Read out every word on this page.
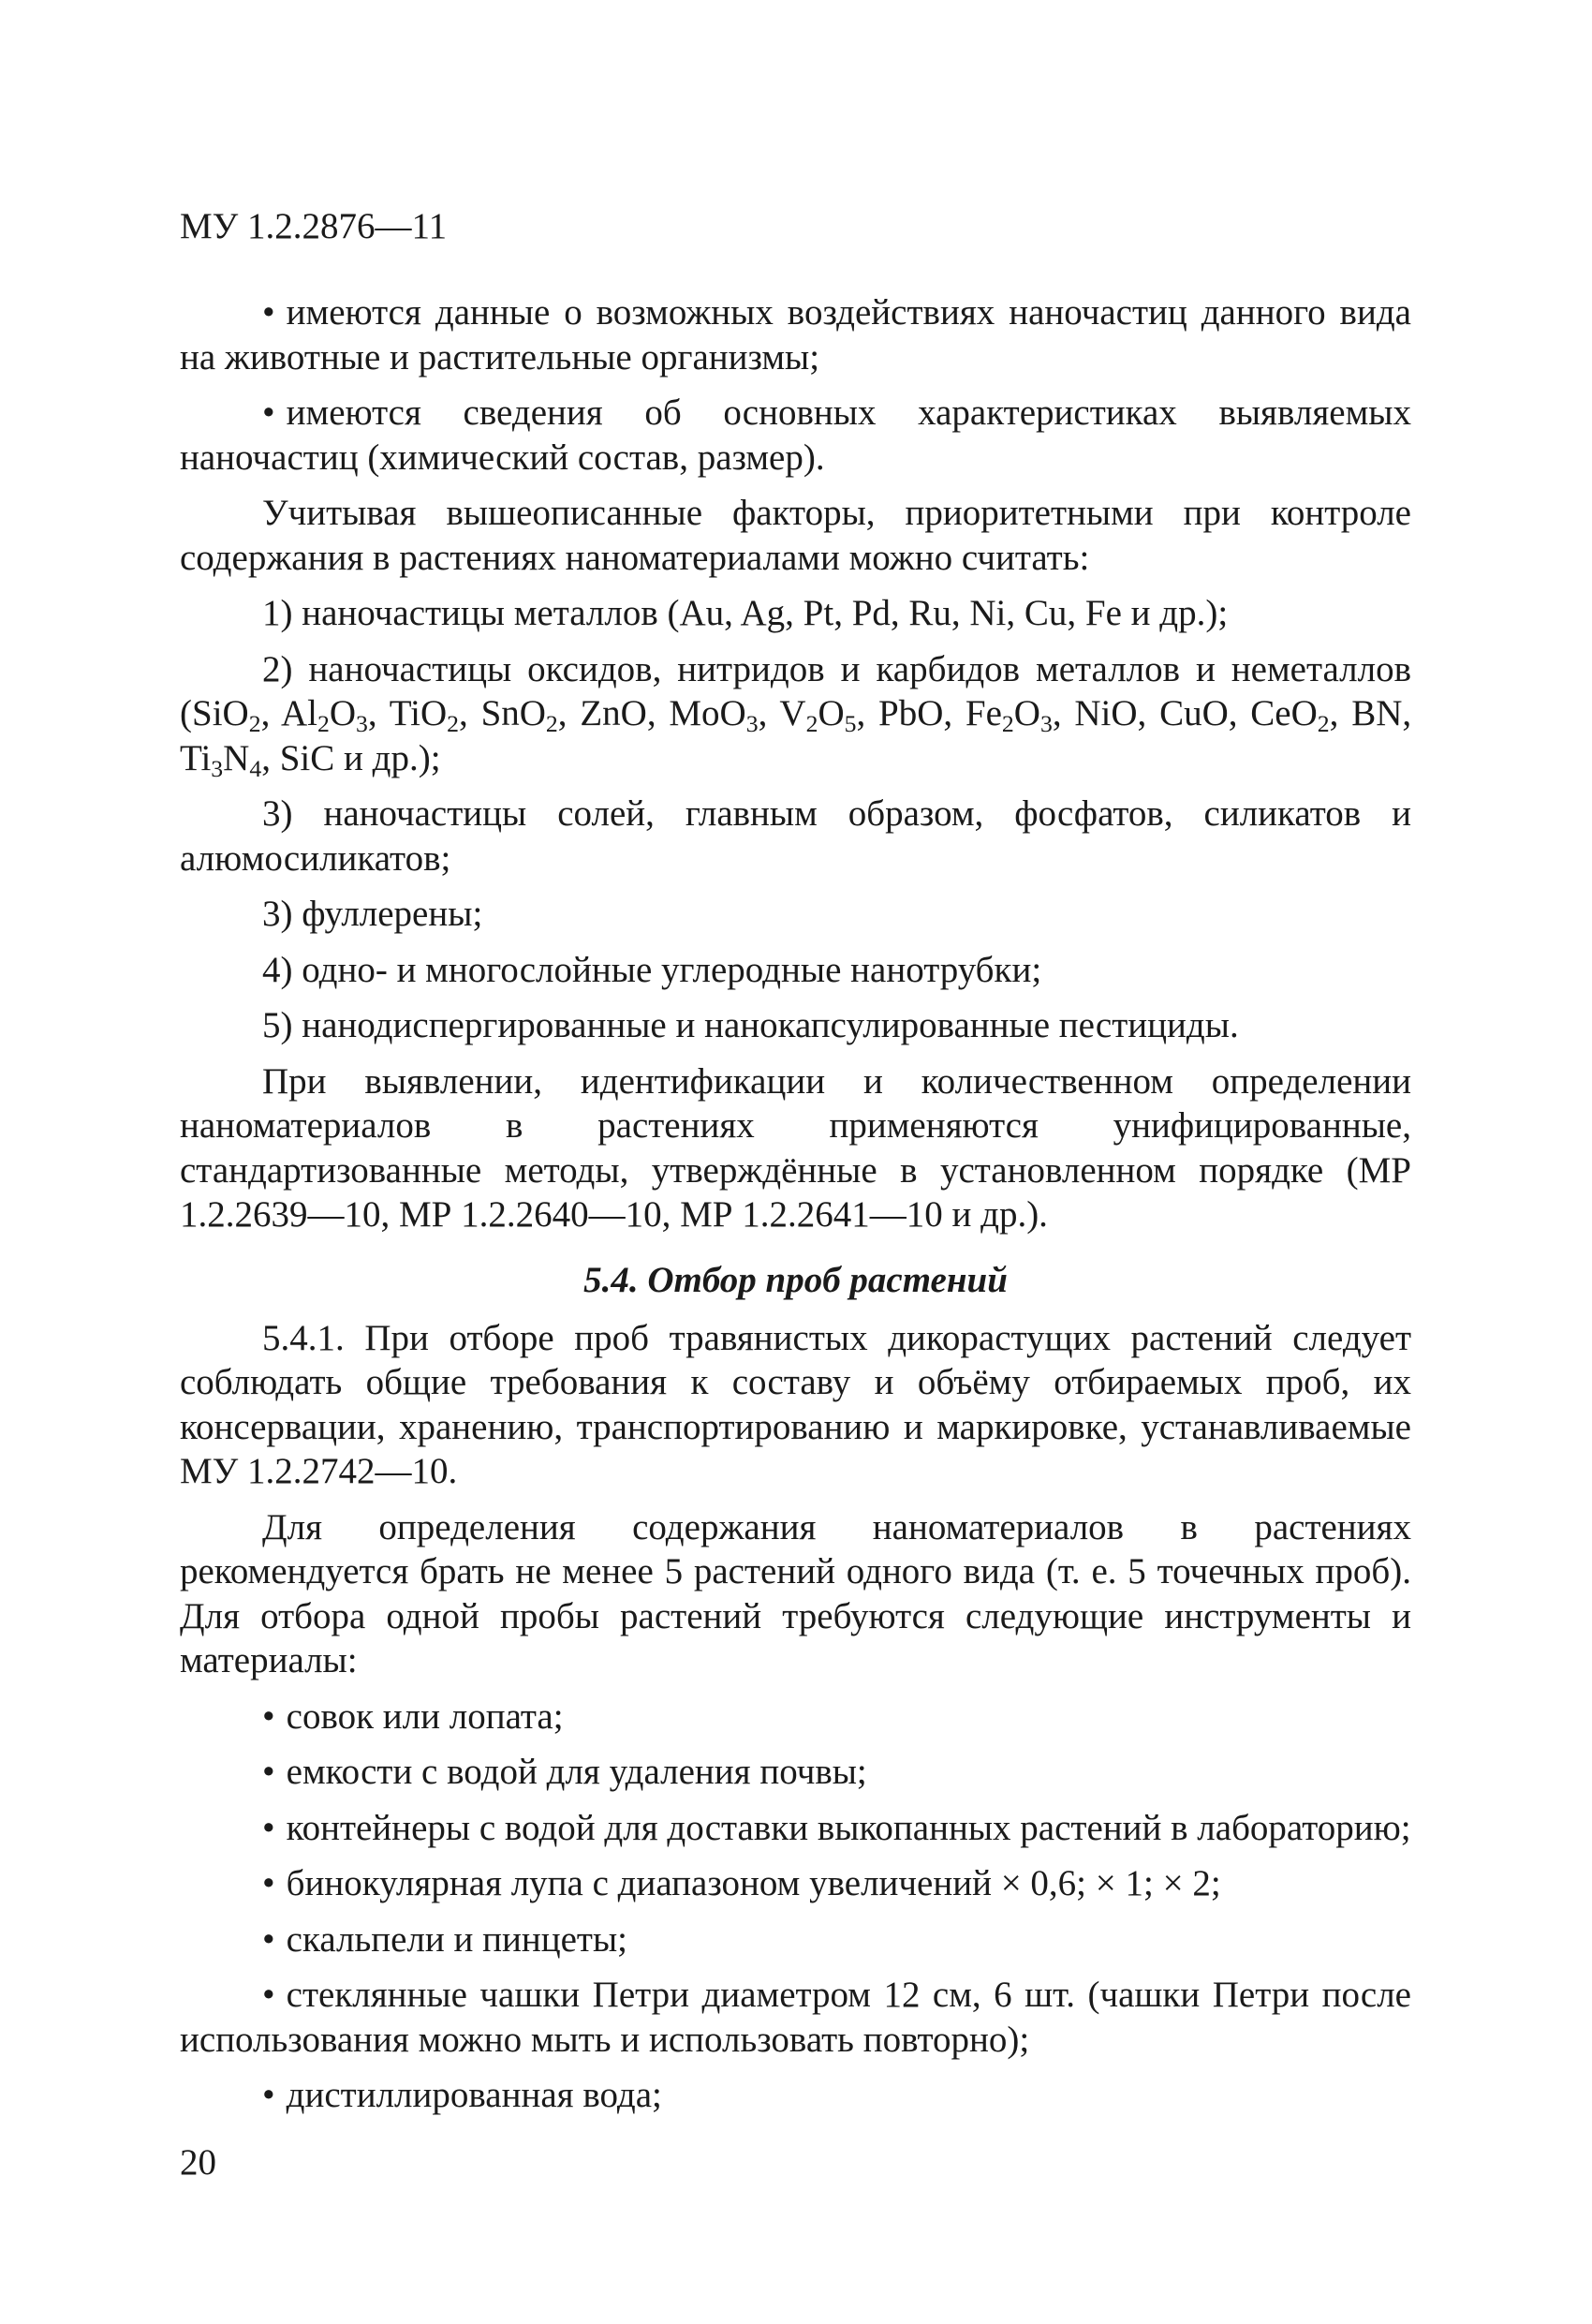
МУ 1.2.2876—11

• имеются данные о возможных воздействиях наночастиц данного вида на животные и растительные организмы;

• имеются сведения об основных характеристиках выявляемых наночастиц (химический состав, размер).

Учитывая вышеописанные факторы, приоритетными при контроле содержания в растениях наноматериалами можно считать:

1) наночастицы металлов (Au, Ag, Pt, Pd, Ru, Ni, Cu, Fe и др.);

2) наночастицы оксидов, нитридов и карбидов металлов и неметаллов (SiO$_2$, $Al_2O_3$, TiO$_2$, SnO$_2$, ZnO, MoO$_3$, $V_2O_5$, PbO, $Fe_2O_3$, NiO, CuO, CeO$_2$, BN, $Ti_3N_4$, SiC и др.);

3) наночастицы солей, главным образом, фосфатов, силикатов и алюмосиликатов;

3) фуллерены;

4) одно- и многослойные углеродные нанотрубки;

5) нанодиспергированные и нанокапсулированные пестициды.

При выявлении, идентификации и количественном определении наноматериалов в растениях применяются унифицированные, стандартизованные методы, утверждённые в установленном порядке (МР 1.2.2639—10, МР 1.2.2640—10, МР 1.2.2641—10 и др.).

5.4. Отбор проб растений

5.4.1. При отборе проб травянистых дикорастущих растений следует соблюдать общие требования к составу и объёму отбираемых проб, их консервации, хранению, транспортированию и маркировке, устанавливаемые МУ 1.2.2742—10.

Для определения содержания наноматериалов в растениях рекомендуется брать не менее 5 растений одного вида (т. е. 5 точечных проб). Для отбора одной пробы растений требуются следующие инструменты и материалы:

• совок или лопата;

• емкости с водой для удаления почвы;

• контейнеры с водой для доставки выкопанных растений в лабораторию;

• бинокулярная лупа с диапазоном увеличений × 0,6; × 1; × 2;

• скальпели и пинцеты;

• стеклянные чашки Петри диаметром 12 см, 6 шт. (чашки Петри после использования можно мыть и использовать повторно);

• дистиллированная вода;

20
